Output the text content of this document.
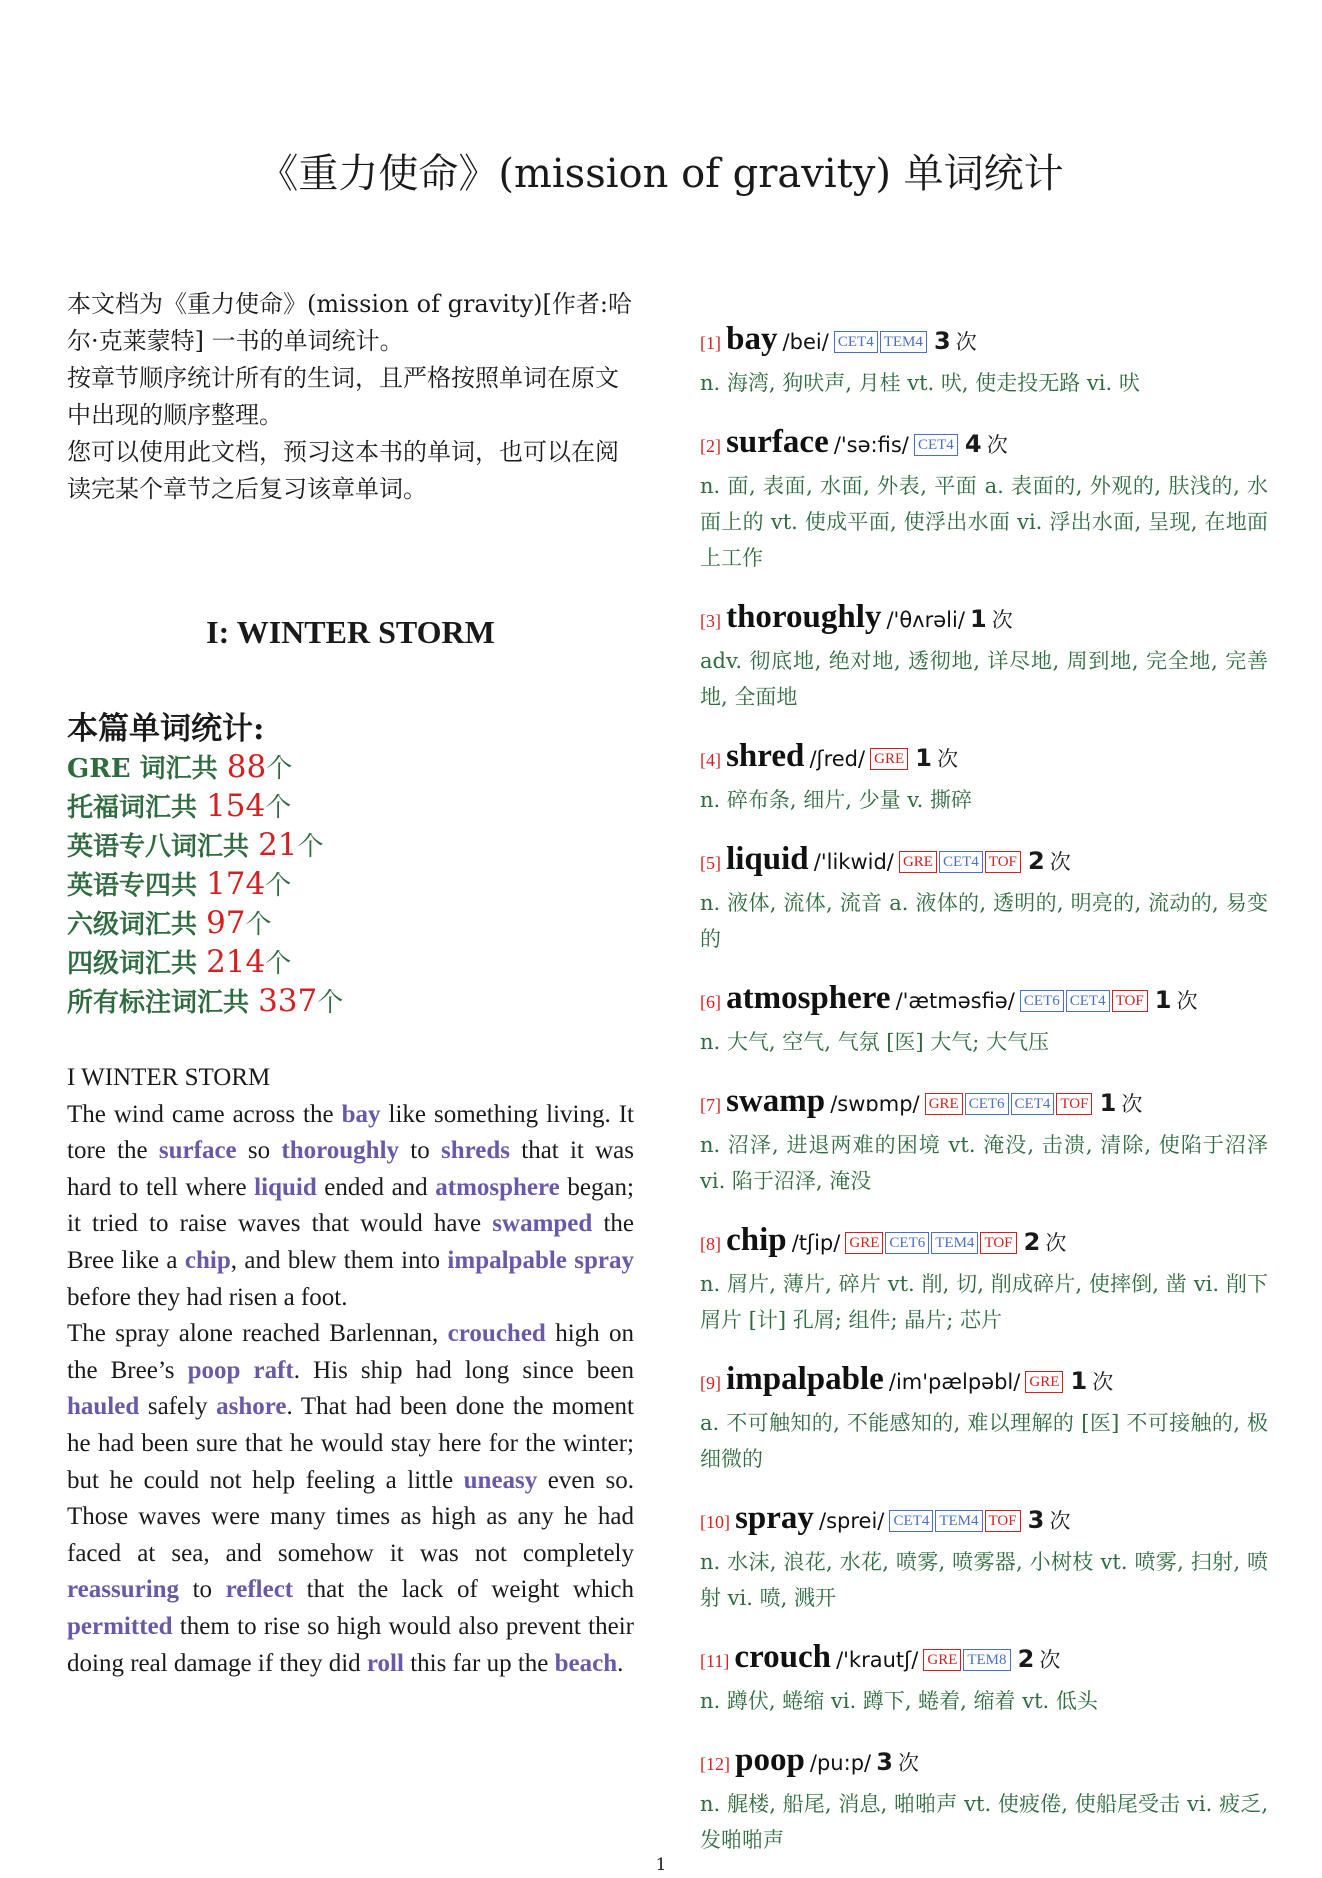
《重力使命》(mission of gravity) 单词统计
本文档为《重力使命》(mission of gravity)[作者:哈尔·克莱蒙特] 一书的单词统计。
按章节顺序统计所有的生词，且严格按照单词在原文中出现的顺序整理。
您可以使用此文档，预习这本书的单词，也可以在阅读完某个章节之后复习该章单词。
I: WINTER STORM
本篇单词统计:
GRE 词汇共 88个
托福词汇共 154个
英语专八词汇共 21个
英语专四共 174个
六级词汇共 97个
四级词汇共 214个
所有标注词汇共 337个
I WINTER STORM
The wind came across the bay like something living. It tore the surface so thoroughly to shreds that it was hard to tell where liquid ended and atmosphere began; it tried to raise waves that would have swamped the Bree like a chip, and blew them into impalpable spray before they had risen a foot.
The spray alone reached Barlennan, crouched high on the Bree’s poop raft. His ship had long since been hauled safely ashore. That had been done the moment he had been sure that he would stay here for the winter; but he could not help feeling a little uneasy even so. Those waves were many times as high as any he had faced at sea, and somehow it was not completely reassuring to reflect that the lack of weight which permitted them to rise so high would also prevent their doing real damage if they did roll this far up the beach.
[1] bay /bei/ CET4 TEM4 3 次
n. 海湾, 狗吠声, 月桂 vt. 吠, 使走投无路 vi. 吠
[2] surface /'sə:fis/ CET4 4 次
n. 面, 表面, 水面, 外表, 平面 a. 表面的, 外观的, 肤浅的, 水面上的 vt. 使成平面, 使浮出水面 vi. 浮出水面, 呈现, 在地面上工作
[3] thoroughly /'θʌrəli/ 1 次
adv. 彻底地, 绝对地, 透彻地, 详尽地, 周到地, 完全地, 完善地, 全面地
[4] shred /ʃred/ GRE 1 次
n. 碎布条, 细片, 少量 v. 撕碎
[5] liquid /'likwid/ GRE CET4 TOF 2 次
n. 液体, 流体, 流音 a. 液体的, 透明的, 明亮的, 流动的, 易变的
[6] atmosphere /'ætməsfiə/ CET6 CET4 TOF 1 次
n. 大气, 空气, 气氛 [医] 大气; 大气压
[7] swamp /swɒmp/ GRE CET6 CET4 TOF 1 次
n. 沼泽, 进退两难的困境 vt. 淹没, 击溃, 清除, 使陷于沼泽 vi. 陷于沼泽, 淹没
[8] chip /tʃip/ GRE CET6 TEM4 TOF 2 次
n. 屑片, 薄片, 碎片 vt. 削, 切, 削成碎片, 使摔倒, 凿 vi. 削下屑片 [计] 孔屑; 组件; 晶片; 芯片
[9] impalpable /im'pælpəbl/ GRE 1 次
a. 不可触知的, 不能感知的, 难以理解的 [医] 不可接触的, 极细微的
[10] spray /sprei/ CET4 TEM4 TOF 3 次
n. 水沫, 浪花, 水花, 喷雾, 喷雾器, 小树枝 vt. 喷雾, 扫射, 喷射 vi. 喷, 溅开
[11] crouch /'krautʃ/ GRE TEM8 2 次
n. 蹲伏, 蜷缩 vi. 蹲下, 蜷着, 缩着 vt. 低头
[12] poop /pu:p/ 3 次
n. 艉楼, 船尾, 消息, 啪啪声 vt. 使疲倦, 使船尾受击 vi. 疲乏, 发啪啪声
1
